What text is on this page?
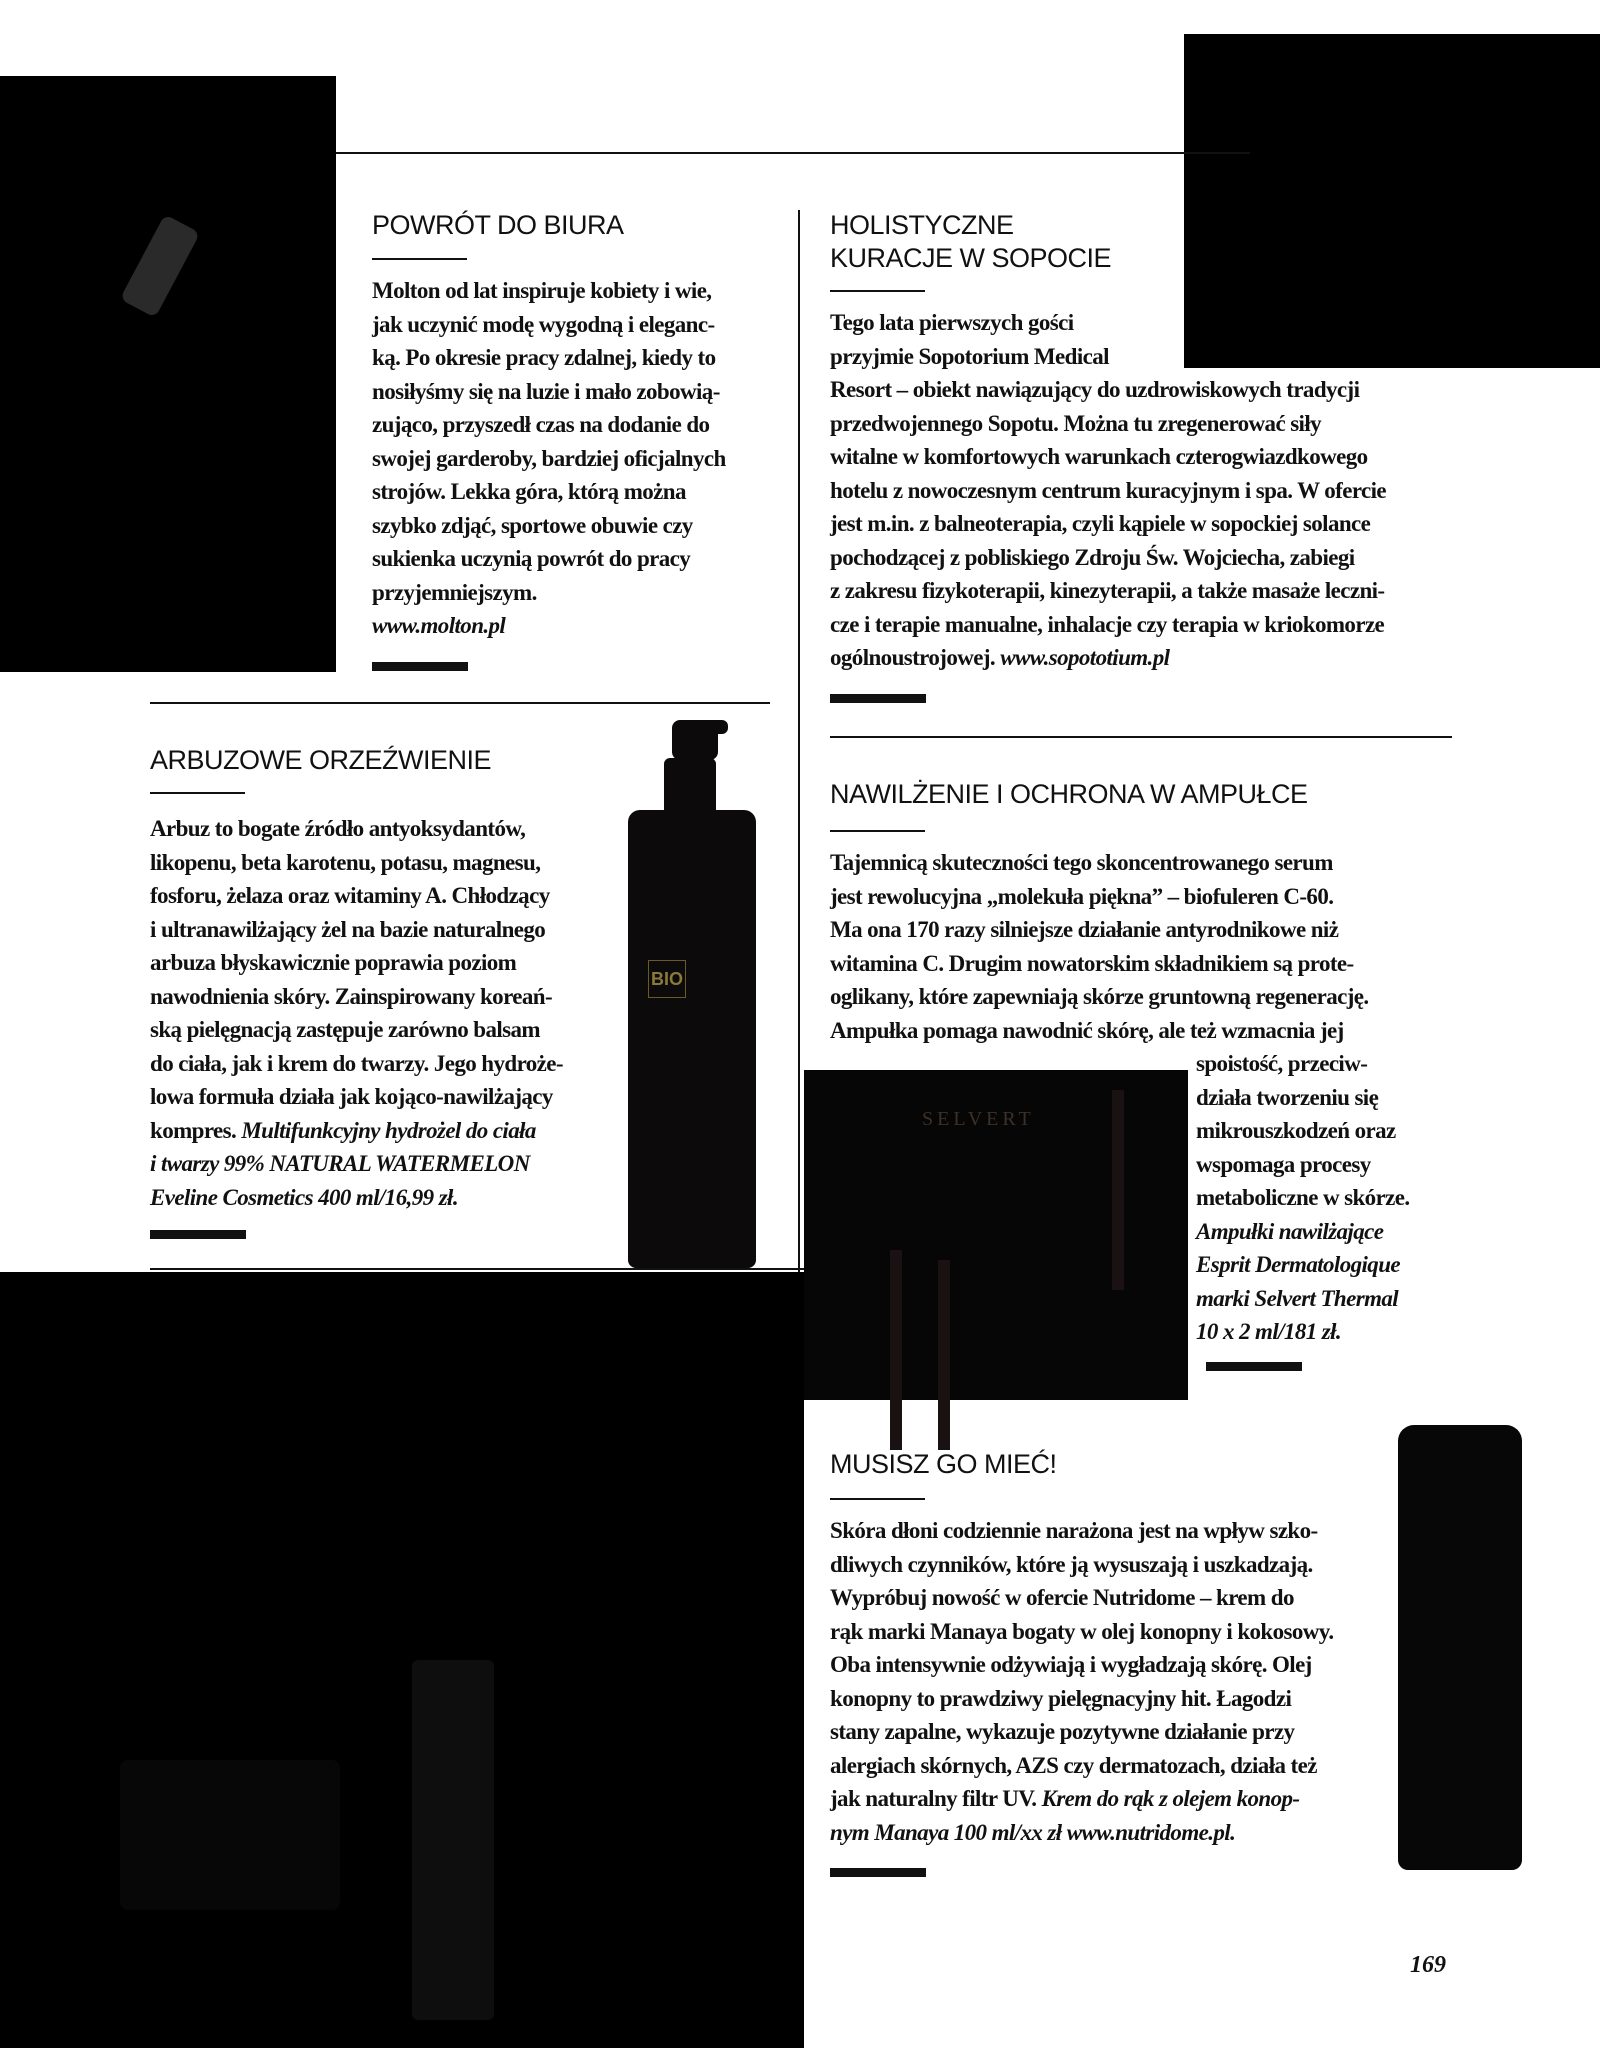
POWRÓT DO BIURA
Molton od lat inspiruje kobiety i wie,
jak uczynić modę wygodną i eleganc-
ką. Po okresie pracy zdalnej, kiedy to
nosiłyśmy się na luzie i mało zobowią-
zująco, przyszedł czas na dodanie do
swojej garderoby, bardziej oficjalnych
strojów. Lekka góra, którą można
szybko zdjąć, sportowe obuwie czy
sukienka uczynią powrót do pracy
przyjemniejszym.
www.molton.pl
HOLISTYCZNE
KURACJE W SOPOCIE
Tego lata pierwszych gości
przyjmie Sopotorium Medical
Resort – obiekt nawiązujący do uzdrowiskowych tradycji
przedwojennego Sopotu. Można tu zregenerować siły
witalne w komfortowych warunkach czterogwiazdkowego
hotelu z nowoczesnym centrum kuracyjnym i spa. W ofercie
jest m.in. z balneoterapia, czyli kąpiele w sopockiej solance
pochodzącej z pobliskiego Zdroju Św. Wojciecha, zabiegi
z zakresu fizykoterapii, kinezyterapii, a także masaże leczni-
cze i terapie manualne, inhalacje czy terapia w kriokomorze
ogólnoustrojowej. www.sopototium.pl
BIO
ARBUZOWE ORZEŹWIENIE
Arbuz to bogate źródło antyoksydantów,
likopenu, beta karotenu, potasu, magnesu,
fosforu, żelaza oraz witaminy A. Chłodzący
i ultranawilżający żel na bazie naturalnego
arbuza błyskawicznie poprawia poziom
nawodnienia skóry. Zainspirowany koreań-
ską pielęgnacją zastępuje zarówno balsam
do ciała, jak i krem do twarzy. Jego hydroże-
lowa formuła działa jak kojąco-nawilżający
kompres. Multifunkcyjny hydrożel do ciała
i twarzy 99% NATURAL WATERMELON
Eveline Cosmetics 400 ml/16,99 zł.
SELVERT
NAWILŻENIE I OCHRONA W AMPUŁCE
Tajemnicą skuteczności tego skoncentrowanego serum
jest rewolucyjna „molekuła piękna” – biofuleren C-60.
Ma ona 170 razy silniejsze działanie antyrodnikowe niż
witamina C. Drugim nowatorskim składnikiem są prote-
oglikany, które zapewniają skórze gruntowną regenerację.
Ampułka pomaga nawodnić skórę, ale też wzmacnia jej
spoistość, przeciw-
działa tworzeniu się
mikrouszkodzeń oraz
wspomaga procesy
metaboliczne w skórze.
Ampułki nawilżające
Esprit Dermatologique
marki Selvert Thermal
10 x 2 ml/181 zł.
MUSISZ GO MIEĆ!
Skóra dłoni codziennie narażona jest na wpływ szko-
dliwych czynników, które ją wysuszają i uszkadzają.
Wypróbuj nowość w ofercie Nutridome – krem do
rąk marki Manaya bogaty w olej konopny i kokosowy.
Oba intensywnie odżywiają i wygładzają skórę. Olej
konopny to prawdziwy pielęgnacyjny hit. Łagodzi
stany zapalne, wykazuje pozytywne działanie przy
alergiach skórnych, AZS czy dermatozach, działa też
jak naturalny filtr UV. Krem do rąk z olejem konop-
nym Manaya 100 ml/xx zł www.nutridome.pl.
169
